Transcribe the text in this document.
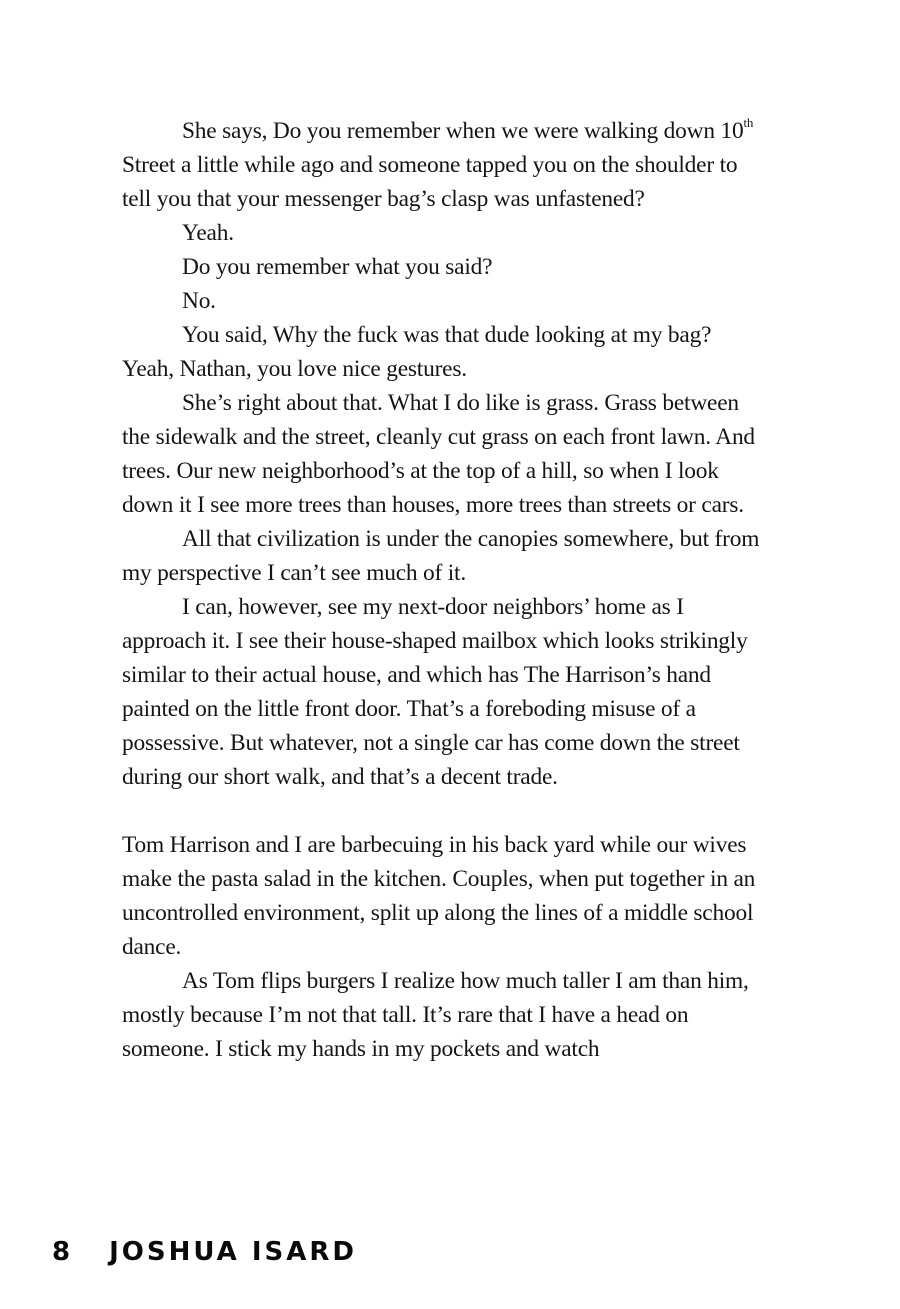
She says, Do you remember when we were walking down 10th Street a little while ago and someone tapped you on the shoulder to tell you that your messenger bag’s clasp was unfastened?

Yeah.

Do you remember what you said?

No.

You said, Why the fuck was that dude looking at my bag? Yeah, Nathan, you love nice gestures.

She’s right about that. What I do like is grass. Grass between the sidewalk and the street, cleanly cut grass on each front lawn. And trees. Our new neighborhood’s at the top of a hill, so when I look down it I see more trees than houses, more trees than streets or cars.

All that civilization is under the canopies somewhere, but from my perspective I can’t see much of it.

I can, however, see my next-door neighbors’ home as I approach it. I see their house-shaped mailbox which looks strikingly similar to their actual house, and which has The Harrison’s hand painted on the little front door. That’s a foreboding misuse of a possessive. But whatever, not a single car has come down the street during our short walk, and that’s a decent trade.

Tom Harrison and I are barbecuing in his back yard while our wives make the pasta salad in the kitchen. Couples, when put together in an uncontrolled environment, split up along the lines of a middle school dance.

As Tom flips burgers I realize how much taller I am than him, mostly because I’m not that tall. It’s rare that I have a head on someone. I stick my hands in my pockets and watch

8 JOSHUA ISARD
